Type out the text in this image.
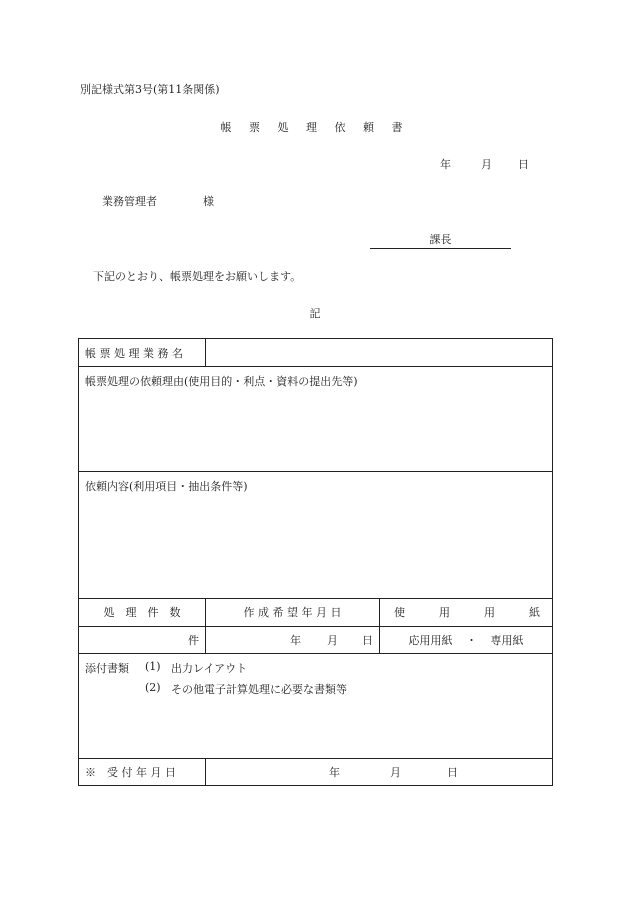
別記様式第3号(第11条関係)
帳 票 処 理 依 頼 書
年	月 日
業務管理者	様
課長
下記のとおり、帳票処理をお願いします。
記
帳 票 処 理 業 務 名		
帳票処理の依頼理由(使用目的・利点・資料の提出先等)		
依頼内容(利用項目・抽出条件等)		
処　理　件　数	作 成 希 望 年 月 日	使 用 用 紙

件	年 月 日	応用用紙 ・ 専用紙

添付書類 (1) 出力レイアウト
(2) その他電子計算処理に必要な書類等		

※　受 付 年 月 日	年 月 日	
